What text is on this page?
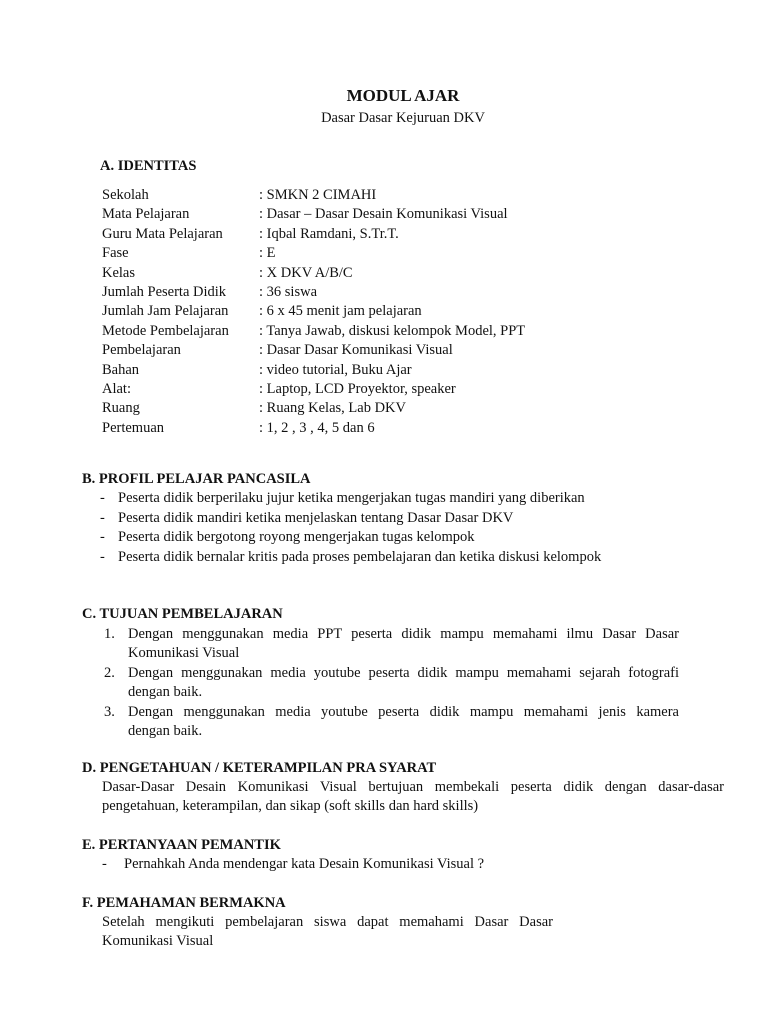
MODUL AJAR
Dasar Dasar Kejuruan DKV
A. IDENTITAS
Sekolah	: SMKN 2 CIMAHI
Mata Pelajaran	: Dasar – Dasar Desain Komunikasi Visual
Guru Mata Pelajaran	: Iqbal Ramdani, S.Tr.T.
Fase	: E
Kelas	: X DKV A/B/C
Jumlah Peserta Didik	: 36 siswa
Jumlah Jam Pelajaran	: 6 x 45 menit jam pelajaran
Metode Pembelajaran	: Tanya Jawab, diskusi kelompok Model, PPT
Pembelajaran	: Dasar Dasar Komunikasi Visual
Bahan	: video tutorial, Buku Ajar
Alat:	: Laptop, LCD Proyektor, speaker
Ruang	: Ruang Kelas, Lab DKV
Pertemuan	: 1, 2 , 3 , 4, 5 dan 6
B. PROFIL PELAJAR PANCASILA
- Peserta didik berperilaku jujur ketika mengerjakan tugas mandiri yang diberikan
- Peserta didik mandiri ketika menjelaskan tentang Dasar Dasar DKV
- Peserta didik bergotong royong mengerjakan tugas kelompok
- Peserta didik bernalar kritis pada proses pembelajaran dan ketika diskusi kelompok
C. TUJUAN PEMBELAJARAN
1. Dengan menggunakan media PPT peserta didik mampu memahami ilmu Dasar Dasar
Komunikasi Visual
2. Dengan menggunakan media youtube peserta didik mampu memahami sejarah fotografi
dengan baik.
3. Dengan menggunakan media youtube peserta didik mampu memahami jenis kamera
dengan baik.
D. PENGETAHUAN / KETERAMPILAN PRA SYARAT
Dasar-Dasar Desain Komunikasi Visual bertujuan membekali peserta didik dengan dasar-dasar
pengetahuan, keterampilan, dan sikap (soft skills dan hard skills)
E. PERTANYAAN PEMANTIK
-	Pernahkah Anda mendengar kata Desain Komunikasi Visual ?
F. PEMAHAMAN BERMAKNA
Setelah mengikuti pembelajaran siswa dapat memahami Dasar Dasar
Komunikasi Visual
